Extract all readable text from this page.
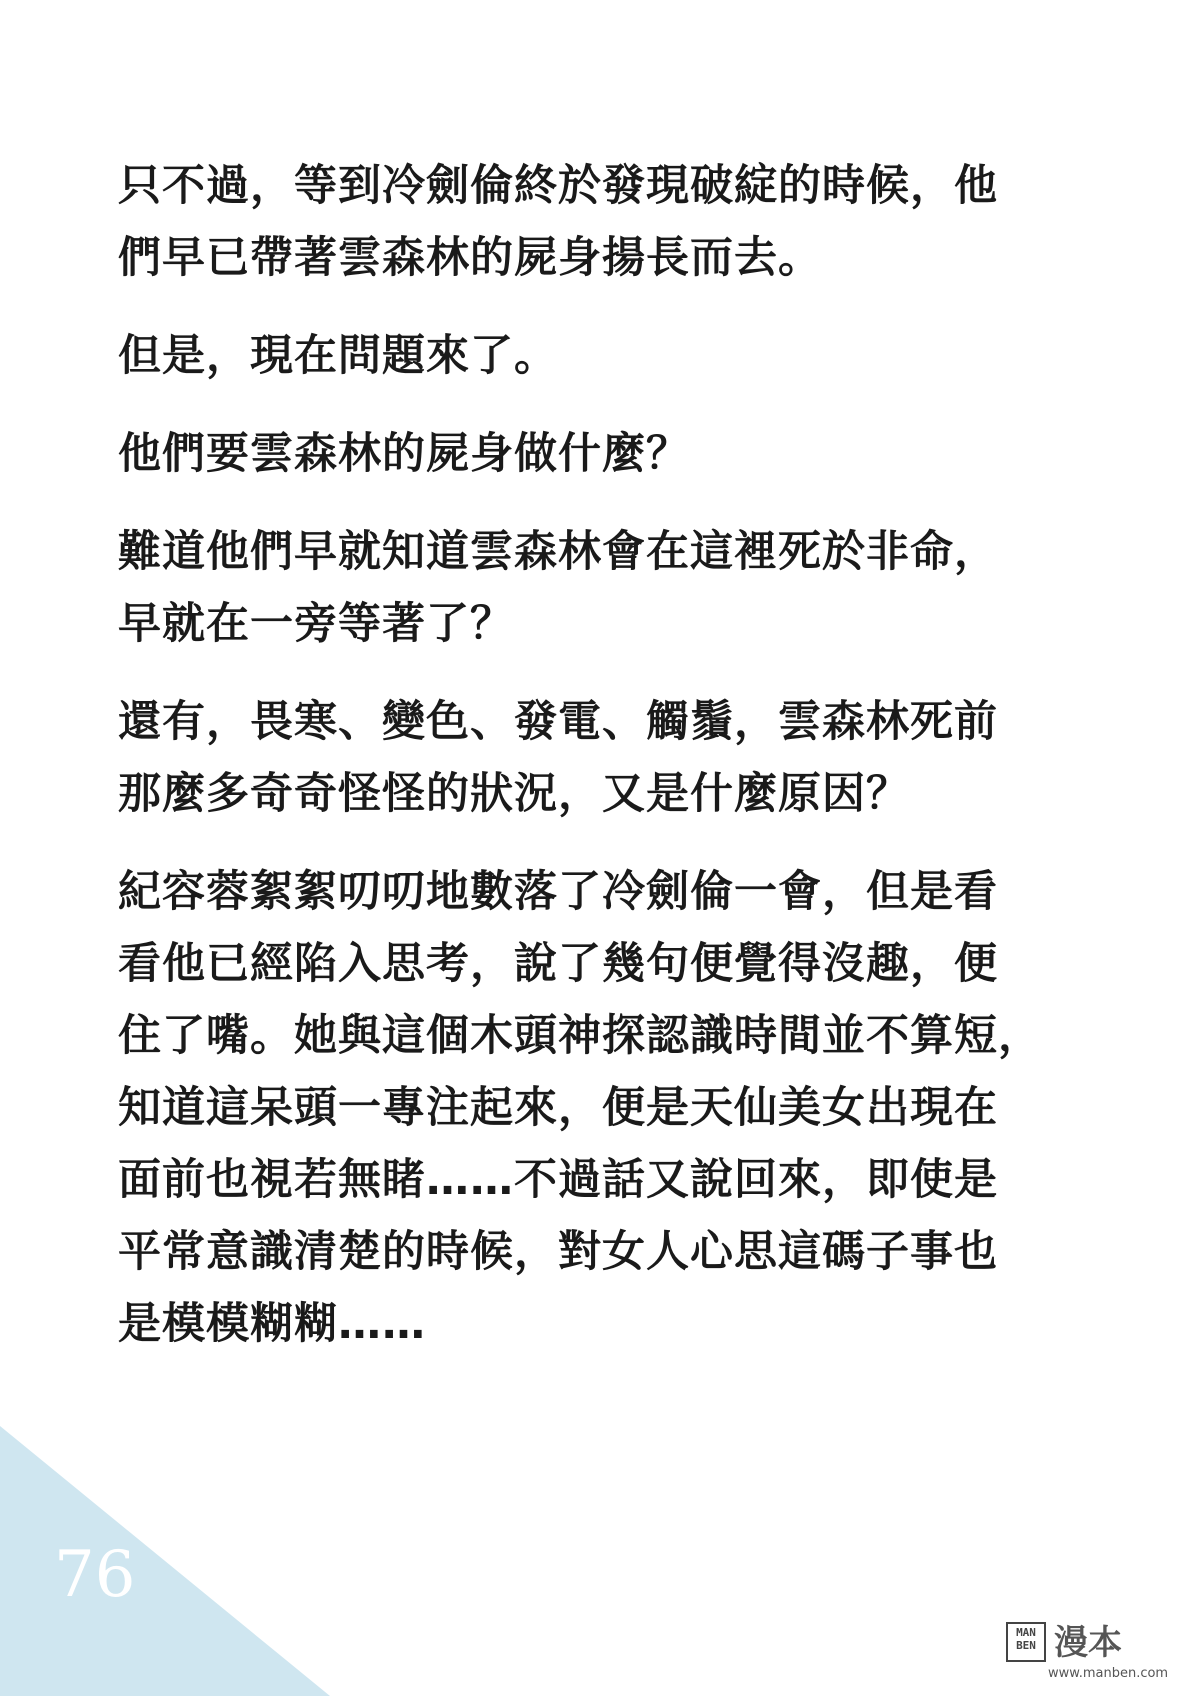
只不過，等到冷劍倫終於發現破綻的時候，他
們早已帶著雲森林的屍身揚長而去。

但是，現在問題來了。

他們要雲森林的屍身做什麼？

難道他們早就知道雲森林會在這裡死於非命，
早就在一旁等著了？

還有，畏寒、變色、發電、觸鬚，雲森林死前
那麼多奇奇怪怪的狀況，又是什麼原因？

紀容蓉絮絮叨叨地數落了冷劍倫一會，但是看
看他已經陷入思考，說了幾句便覺得沒趣，便
住了嘴。她與這個木頭神探認識時間並不算短，
知道這呆頭一專注起來，便是天仙美女出現在
面前也視若無睹……不過話又說回來，即使是
平常意識清楚的時候，對女人心思這碼子事也
是模模糊糊……

76
MAN BEN 漫本
www.manben.com
